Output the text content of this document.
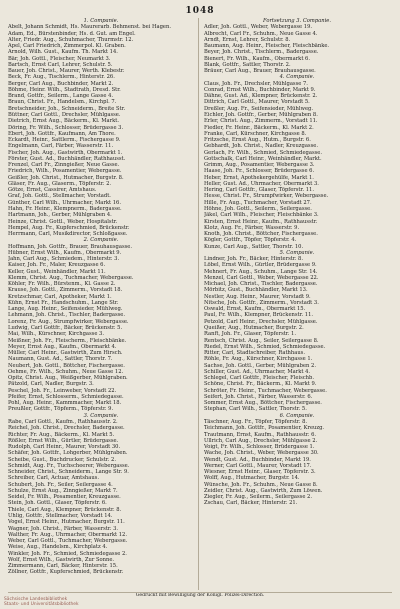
1048
1. Companie.
Abelt, Johann Schmidt, Hs. Maurerarb. Behmenst. bei Hagen.
Adam, Ed., Bürstenbinder, Hs. d. Gut. am Engel.
Alter, Friedr. Aug., Schuhmacher, Thurmstr. 12.
Apel, Carl Friedrich, Zimmerpol. Kl. Graben.
Arnold, Wilh. Gust., Kaufm. Th. Markt 14.
Bär, Joh. Gottl., Fleischer, Neumarkt 3.
Bartsch, Ernst Carl, Lehrer, Schulstr. 5.
Bauer, Joh. Christ., Maurer, Werth. Klebestr.
Beck, Fr. Aug., Tischlerm., Hinterstr. 26.
Berger, Carl Aug., Buchbinder, Markt 2.
Böhme, Heinr. Wilh., Stadtrath, Dresd. Str.
Brand, Gottfr., Seilerm., Lange Gasse 4.
Braun, Christ. Fr., Handelsm., Kirchpl. 7.
Bretschneider, Joh., Schneiderm., Breite Str.
Büttner, Carl Gottl., Drechsler, Mühlgasse.
Dietrich, Ernst Aug., Bäckerm., Kl. Markt.
Döring, Fr. Wilh., Schlosser, Brüdergasse 3.
Ebert, Joh. Gottfr., Kaufmann, Am Thore.
Eckardt, Heinr., Sattlerm., Fischergasse 9.
Engelmann, Carl, Färber, Wasserstr. 11.
Fischer, Joh. Aug., Gastwirth, Obermarkt 1.
Förster, Gust. Ad., Buchhändler, Rathhausst.
Frenzel, Carl Fr., Zinngießer, Neue Gasse.
Friedrich, Wilh., Posamentier, Webergasse.
Geißler, Joh. Christ., Hutmacher, Burgstr. 8.
Gläser, Fr. Aug., Glaserm., Töpferstr. 2.
Götze, Ernst, Cassirer, Amtshaus.
Graf, Joh. Gottl., Stellmacher, Vorstadt.
Günther, Carl Wilh., Uhrmacher, Markt 16.
Hahn, Fr. Heinr., Klempnerm., Badergasse.
Hartmann, Joh., Gerber, Mühlgraben 4.
Heinze, Christ. Gottl., Weber, Hospitalstr.
Hempel, Aug. Fr., Kupferschmied, Brückenstr.
Herrmann, Carl, Musikdirector, Schloßgasse.
2. Companie.
Hoffmann, Joh. Gottfr., Brauer, Brauhausgasse.
Hübner, Ernst Wilh., Kaufm., Obermarkt 9.
Jahn, Carl Aug., Schmiedem., Hinterstr. 3.
Kaiser, Joh. Fr., Maler, Kreuzgasse 6.
Keller, Gust., Weinhändler, Markt 11.
Klemm, Christ. Aug., Tuchmacher, Webergasse.
Köhler, Fr. Wilh., Bürstenm., Kl. Gasse 2.
Krause, Joh. Gottl., Zimmerm., Vorstadt 18.
Kretzschmar, Carl, Apotheker, Markt 1.
Kühn, Ernst Fr., Handschuhm., Lange Str.
Lange, Aug. Heinr., Seifensieder, Mühlweg.
Lehmann, Joh. Christ., Tischler, Badergasse.
Lorenz, Fr. Aug., Strumpfwirker, Webergasse.
Ludwig, Carl Gottfr., Bäcker, Brückenstr. 5.
Mai, Wilh., Kürschner, Kirchgasse 3.
Meißner, Joh. Fr., Fleischerm., Fleischbänke.
Meyer, Ernst Aug., Kaufm., Obermarkt 4.
Müller, Carl Heinr., Gastwirth, Zum Hirsch.
Naumann, Gust. Ad., Sattler, Thorstr. 7.
Neubert, Joh. Gottl., Böttcher, Fischergasse.
Oehme, Fr. Wilh., Schuhm., Neue Gasse 12.
Opitz, Christ. Aug., Weißgerber, Mühlgraben.
Pätzold, Carl, Nadler, Burgstr. 3.
Peschel, Joh. Fr., Leinweber, Vorstadt 22.
Pfeifer, Ernst, Schlosserm., Schmiedegasse.
Pohl, Aug. Heinr., Kammmacher, Markt 18.
Preußler, Gottfr., Töpferm., Töpferstr. 9.
3. Companie.
Rabe, Carl Gottl., Kaufm., Rathhausstr. 2.
Reichel, Joh. Christ., Drechsler, Badergasse.
Richter, Fr. Aug., Bäckerm., Kl. Markt 5.
Rößler, Ernst Wilh., Gürtler, Brüdergasse.
Rudolph, Carl Heinr., Maurer, Vorstadt 30.
Schäfer, Joh. Gottfr., Lohgerber, Mühlgraben.
Scheibe, Gust., Buchdrucker, Schulstr. 2.
Schmidt, Aug. Fr., Tuchscheerer, Webergasse.
Schneider, Christ., Schneiderm., Lange Str. 9.
Schreiber, Carl, Actuar, Amtshaus.
Schubert, Joh. Fr., Seiler, Seilergasse 4.
Schulze, Ernst Aug., Zinngießer, Markt 7.
Seidel, Fr. Wilh., Posamentier, Kreuzgasse.
Stein, Joh. Gottl., Glaser, Töpferstr. 6.
Thiele, Carl Aug., Klempner, Brückenstr. 8.
Uhlig, Gottfr., Stellmacher, Vorstadt 14.
Vogel, Ernst Heinr., Hutmacher, Burgstr. 11.
Wagner, Joh. Christ., Färber, Wasserstr. 3.
Walther, Fr. Aug., Uhrmacher, Obermarkt 12.
Weber, Carl Gottl., Tuchmacher, Webergasse.
Weise, Aug., Handelsm., Kirchplatz 4.
Winkler, Joh. Fr., Schmied, Schmiedegasse 2.
Wolf, Ernst Wilh., Gastwirth, Zur Sonne.
Zimmermann, Carl, Bäcker, Hinterstr. 15.
Zöllner, Gottfr., Kupferschmied, Brückenstr.
Fortsetzung 3. Companie.
Adler, Joh. Gottl., Weber, Webergasse 19.
Albrecht, Carl Fr., Schuhm., Neue Gasse 4.
Arndt, Ernst, Lehrer, Schulstr. 8.
Baumann, Aug. Heinr., Fleischer, Fleischbänke.
Beyer, Joh. Christ., Tischlerm., Badergasse.
Bienert, Fr. Wilh., Kaufm., Obermarkt 6.
Blank, Gottfr., Sattler, Thorstr. 2.
Bräuer, Carl Aug., Brauer, Brauhausgasse.
4. Companie.
Claus, Joh. Fr., Drechsler, Mühlgasse 7.
Conrad, Ernst Wilh., Buchbinder, Markt 9.
Dähne, Gust. Ad., Klempner, Brückenstr. 2.
Dittrich, Carl Gottl., Maurer, Vorstadt 5.
Dreßler, Aug. Fr., Seifensieder, Mühlweg.
Eichler, Joh. Gottfr., Gerber, Mühlgraben 8.
Erler, Christ. Aug., Zimmerm., Vorstadt 11.
Fiedler, Fr. Heinr., Bäckerm., Kl. Markt 2.
Franke, Carl, Kürschner, Kirchgasse 8.
Fritzsche, Ernst Aug., Hutm., Burgstr. 6.
Gebhardt, Joh. Christ., Nadler, Kreuzgasse.
Gerlach, Fr. Wilh., Schmied, Schmiedegasse.
Gottschalk, Carl Heinr., Weinhändler, Markt.
Grimm, Aug., Posamentier, Webergasse 3.
Haase, Joh. Fr., Schlosser, Brüdergasse 6.
Heber, Ernst, Apothekergehülfe, Markt 1.
Heller, Gust. Ad., Uhrmacher, Obermarkt 3.
Hering, Carl Gottfr., Glaser, Töpferstr. 11.
Hesse, Christ. Fr., Strumpfwirker, Webergasse.
Hille, Fr. Aug., Tuchmacher, Vorstadt 27.
Höhne, Joh. Gottl., Seilerm., Seilergasse.
Jäkel, Carl Wilh., Fleischer, Fleischbänke 3.
Kirsten, Ernst Heinr., Kaufm., Rathhausstr.
Klotz, Aug. Fr., Färber, Wasserstr. 9.
Knoth, Joh. Christ., Böttcher, Fischergasse.
Kögler, Gottfr., Töpfer, Töpferstr. 4.
Kunze, Carl Aug., Sattler, Thorstr. 10.
5. Companie.
Lindner, Joh. Fr., Bäcker, Hinterstr. 8.
Löbel, Ernst Wilh., Gürtler, Brüdergasse 9.
Mehnert, Fr. Aug., Schuhm., Lange Str. 14.
Menzel, Carl Gottl., Weber, Webergasse 22.
Michael, Joh. Christ., Tischler, Badergasse.
Mörbitz, Gust., Buchhändler, Markt 13.
Nestler, Aug. Heinr., Maurer, Vorstadt 9.
Nitsche, Joh. Gottfr., Zimmerm., Vorstadt 3.
Oswald, Ernst, Kaufm., Obermarkt 15.
Paul, Fr. Wilh., Klempner, Brückenstr. 11.
Petzold, Carl Heinr., Drechsler, Mühlgasse.
Queißer, Aug., Hutmacher, Burgstr. 2.
Ranft, Joh. Fr., Glaser, Töpferstr. 1.
Rentsch, Christ. Aug., Seiler, Seilergasse 8.
Riedel, Ernst Wilh., Schmied, Schmiedegasse.
Ritter, Carl, Stadtschreiber, Rathhaus.
Röhle, Fr. Aug., Kürschner, Kirchgasse 1.
Sachse, Joh. Gottl., Gerber, Mühlgraben 2.
Schiller, Gust. Ad., Uhrmacher, Markt 4.
Schlegel, Carl Gottfr., Fleischer, Fleischb.
Schöne, Christ. Fr., Bäckerm., Kl. Markt 9.
Schröter, Fr. Heinr., Tuchmacher, Webergasse.
Seifert, Joh. Christ., Färber, Wasserstr. 6.
Sommer, Ernst Aug., Böttcher, Fischergasse.
Stephan, Carl Wilh., Sattler, Thorstr. 5.
6. Companie.
Täschner, Aug. Fr., Töpfer, Töpferstr. 8.
Teichmann, Joh. Gottfr., Posamentier, Kreuzg.
Trautmann, Ernst, Kaufm., Rathhausstr. 6.
Ullrich, Carl Aug., Drechsler, Mühlgasse 2.
Voigt, Fr. Wilh., Schlosser, Brüdergasse 1.
Wache, Joh. Christ., Weber, Webergasse 30.
Wendt, Gust. Ad., Buchbinder, Markt 19.
Werner, Carl Gottl., Maurer, Vorstadt 17.
Wiesner, Ernst Heinr., Glaser, Töpferstr. 3.
Wolff, Aug., Hutmacher, Burgstr. 14.
Wünsche, Joh. Fr., Schuhm., Neue Gasse 8.
Zeidler, Christ. Aug., Gastwirth, Zum Löwen.
Ziegler, Fr. Aug., Seilerm., Seilergasse 2.
Zschau, Carl, Bäcker, Hinterstr. 21.
Gedruckt mit Bewilligung der Königl. Polizei-Direction.
Sächsische Landesbibliothek
Staats- und Universitätsbibliothek
